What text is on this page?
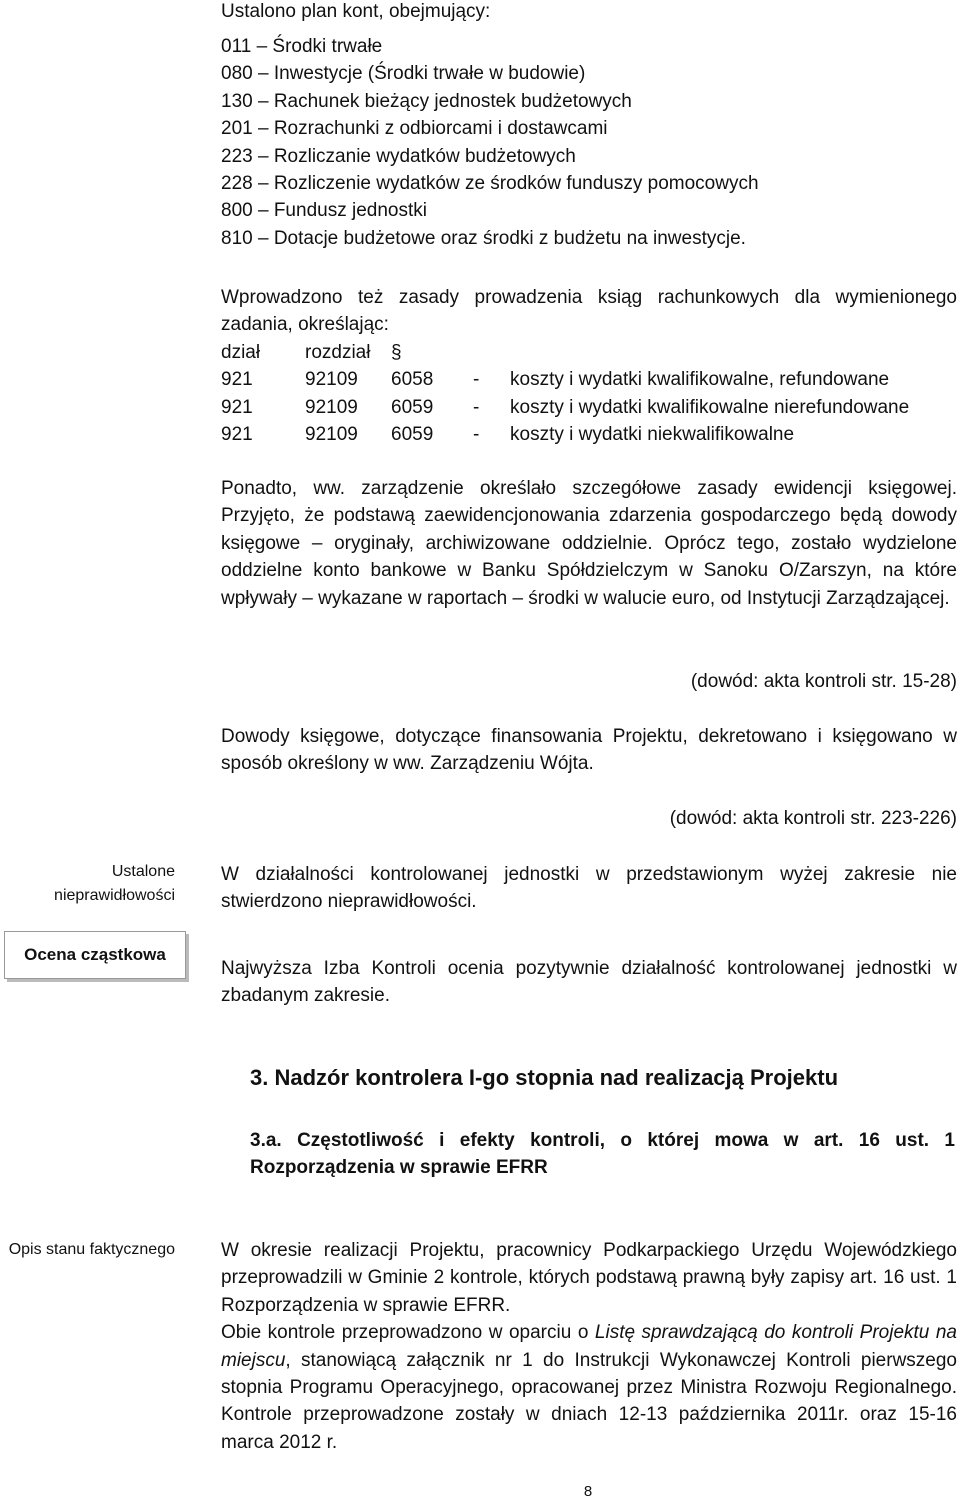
Ustalono plan kont, obejmujący:
011 – Środki trwałe
080 – Inwestycje (Środki trwałe w budowie)
130 – Rachunek bieżący jednostek budżetowych
201 – Rozrachunki z odbiorcami i dostawcami
223 – Rozliczanie wydatków budżetowych
228 – Rozliczenie wydatków ze środków funduszy pomocowych
800 – Fundusz jednostki
810 – Dotacje budżetowe oraz środki z budżetu na inwestycje.
Wprowadzono też zasady prowadzenia ksiąg rachunkowych dla wymienionego zadania, określając:
dział	rozdział	§
921	92109	6058	-	koszty i wydatki kwalifikowalne, refundowane
921	92109	6059	-	koszty i wydatki kwalifikowalne nierefundowane
921	92109	6059	-	koszty i wydatki niekwalifikowalne
Ponadto, ww. zarządzenie określało szczegółowe zasady ewidencji księgowej. Przyjęto, że podstawą zaewidencjonowania zdarzenia gospodarczego będą dowody księgowe – oryginały, archiwizowane oddzielnie. Oprócz tego, zostało wydzielone oddzielne konto bankowe w Banku Spółdzielczym w Sanoku O/Zarszyn, na które wpływały – wykazane w raportach – środki w walucie euro, od Instytucji Zarządzającej.
(dowód: akta kontroli str. 15-28)
Dowody księgowe, dotyczące finansowania Projektu, dekretowano i księgowano w sposób określony w ww. Zarządzeniu Wójta.
(dowód: akta kontroli str. 223-226)
Ustalone nieprawidłowości
W działalności kontrolowanej jednostki w przedstawionym wyżej zakresie nie stwierdzono nieprawidłowości.
Ocena cząstkowa
Najwyższa Izba Kontroli ocenia pozytywnie działalność kontrolowanej jednostki w zbadanym zakresie.
3. Nadzór kontrolera I-go stopnia nad realizacją Projektu
3.a. Częstotliwość i efekty kontroli, o której mowa w art. 16 ust. 1 Rozporządzenia w sprawie EFRR
Opis stanu faktycznego W okresie realizacji Projektu, pracownicy Podkarpackiego Urzędu Wojewódzkiego przeprowadzili w Gminie 2 kontrole, których podstawą prawną były zapisy art. 16 ust. 1 Rozporządzenia w sprawie EFRR.
Obie kontrole przeprowadzono w oparciu o Listę sprawdzającą do kontroli Projektu na miejscu, stanowiącą załącznik nr 1 do Instrukcji Wykonawczej Kontroli pierwszego stopnia Programu Operacyjnego, opracowanej przez Ministra Rozwoju Regionalnego. Kontrole przeprowadzone zostały w dniach 12-13 października 2011r. oraz 15-16 marca 2012 r.
8
